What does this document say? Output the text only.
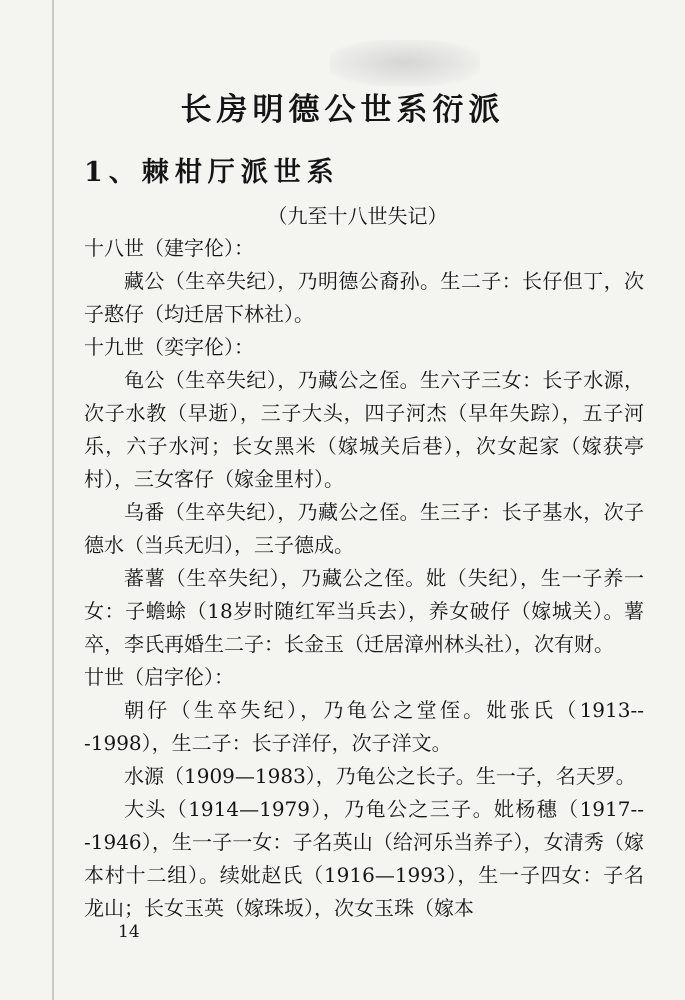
长房明德公世系衍派
1、棘柑厅派世系
（九至十八世失记）

十八世（建字伦）：

藏公（生卒失纪），乃明德公裔孙。生二子：长仔但丁，次子憨仔（均迁居下林社）。

十九世（奕字伦）：

龟公（生卒失纪），乃藏公之侄。生六子三女：长子水源，次子水教（早逝），三子大头，四子河杰（早年失踪），五子河乐，六子水河；长女黑米（嫁城关后巷），次女起家（嫁获亭村），三女客仔（嫁金里村）。

乌番（生卒失纪），乃藏公之侄。生三子：长子基水，次子德水（当兵无归），三子德成。

蕃薯（生卒失纪），乃藏公之侄。妣（失纪），生一子养一女：子蟾蜍（18岁时随红军当兵去），养女破仔（嫁城关）。薯卒，李氏再婚生二子：长金玉（迁居漳州林头社），次有财。

廿世（启字伦）：

朝仔（生卒失纪），乃龟公之堂侄。妣张氏（1913---1998），生二子：长子洋仔，次子洋文。

水源（1909—1983），乃龟公之长子。生一子，名天罗。

大头（1914—1979），乃龟公之三子。妣杨穗（1917---1946），生一子一女：子名英山（给河乐当养子），女清秀（嫁本村十二组）。续妣赵氏（1916—1993），生一子四女：子名龙山；长女玉英（嫁珠坂），次女玉珠（嫁本

14
